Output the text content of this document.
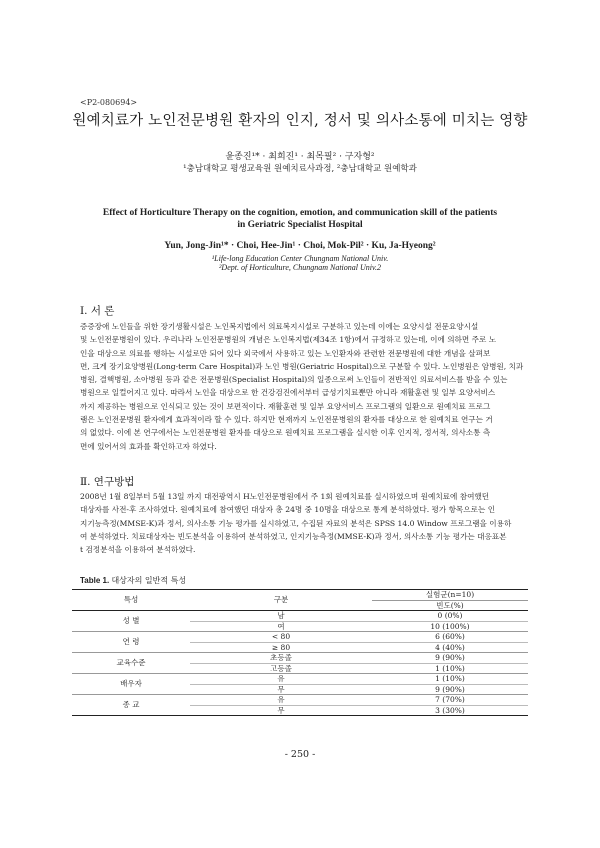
<P2-080694>
원예치료가 노인전문병원 환자의 인지, 정서 및 의사소통에 미치는 영향
윤종진¹* · 최희진¹ · 최목필² · 구자형²
¹충남대학교 평생교육원 원예치료사과정, ²충남대학교 원예학과
Effect of Horticulture Therapy on the cognition, emotion, and communication skill of the patients
in Geriatric Specialist Hospital
Yun, Jong-Jin¹* · Choi, Hee-Jin¹ · Choi, Mok-Pil² · Ku, Ja-Hyeong²
¹Life-long Education Center Chungnam National Univ.
²Dept. of Horticulture, Chungnam National Univ.2
Ⅰ. 서 론
증증장애 노인들을 위한 장기생활시설은 노인복지법에서 의료복지시설로 구분하고 있는데 이에는 요양시설 전문요양시설
및 노인전문병원이 있다. 우리나라 노인전문병원의 개념은 노인복지법(제34조 1항)에서 규정하고 있는데, 이에 의하면 주로 노
인을 대상으로 의료를 행하는 시설로만 되어 있다 외국에서 사용하고 있는 노인환자와 관련한 전문병원에 대한 개념을 살펴보
면, 크게 장기요양병원(Long-term Care Hospital)과 노인 병원(Geriatric Hospital)으로 구분할 수 있다. 노인병원은 암병원, 치과
병원, 결핵병원, 소아병원 등과 같은 전문병원(Specialist Hospital)의 일종으로써 노인들이 전반적인 의료서비스를 받을 수 있는
병원으로 일컬어지고 있다. 따라서 노인을 대상으로 한 건강검진에서부터 급성기치료뿐만 아니라 재활훈련 및 일부 요양서비스
까지 제공하는 병원으로 인식되고 있는 것이 보편적이다. 재활훈련 및 일부 요양서비스 프로그램의 일환으로 원예치료 프로그
램은 노인전문병원 환자에게 효과적이라 할 수 있다. 하지만 현재까지 노인전문병원의 환자를 대상으로 한 원예치료 연구는 거
의 없었다. 이에 본 연구에서는 노인전문병원 환자를 대상으로 원예치료 프로그램을 실시한 이후 인지적, 정서적, 의사소통 측
면에 있어서의 효과를 확인하고자 하였다.
Ⅱ. 연구방법
2008년 1월 8일부터 5월 13일 까지 대전광역시 H노인전문병원에서 주 1회 원예치료를 실시하였으며 원예치료에 참여했던
대상자를 사전-후 조사하였다. 원예치료에 참여했던 대상자 총 24명 중 10명을 대상으로 통계 분석하였다. 평가 항목으로는 인
지기능측정(MMSE-K)과 정서, 의사소통 기능 평가를 실시하였고, 수집된 자료의 분석은 SPSS 14.0 Window 프로그램을 이용하
여 분석하였다. 치료대상자는 빈도분석을 이용하여 분석하였고, 인지기능측정(MMSE-K)과 정서, 의사소통 기능 평가는 대응표본
t 검정분석을 이용하여 분석하였다.
Table 1. 대상자의 일반적 특성
특성	구분	실험군(n=10)
		빈도(%)
성 별	남	0 (0%)
	여	10 (100%)
연 령	< 80	6 (60%)
	≥ 80	4 (40%)
교육수준	초등졸	9 (90%)
	고등졸	1 (10%)
배우자	유	1 (10%)
	무	9 (90%)
종 교	유	7 (70%)
	무	3 (30%)
- 250 -
